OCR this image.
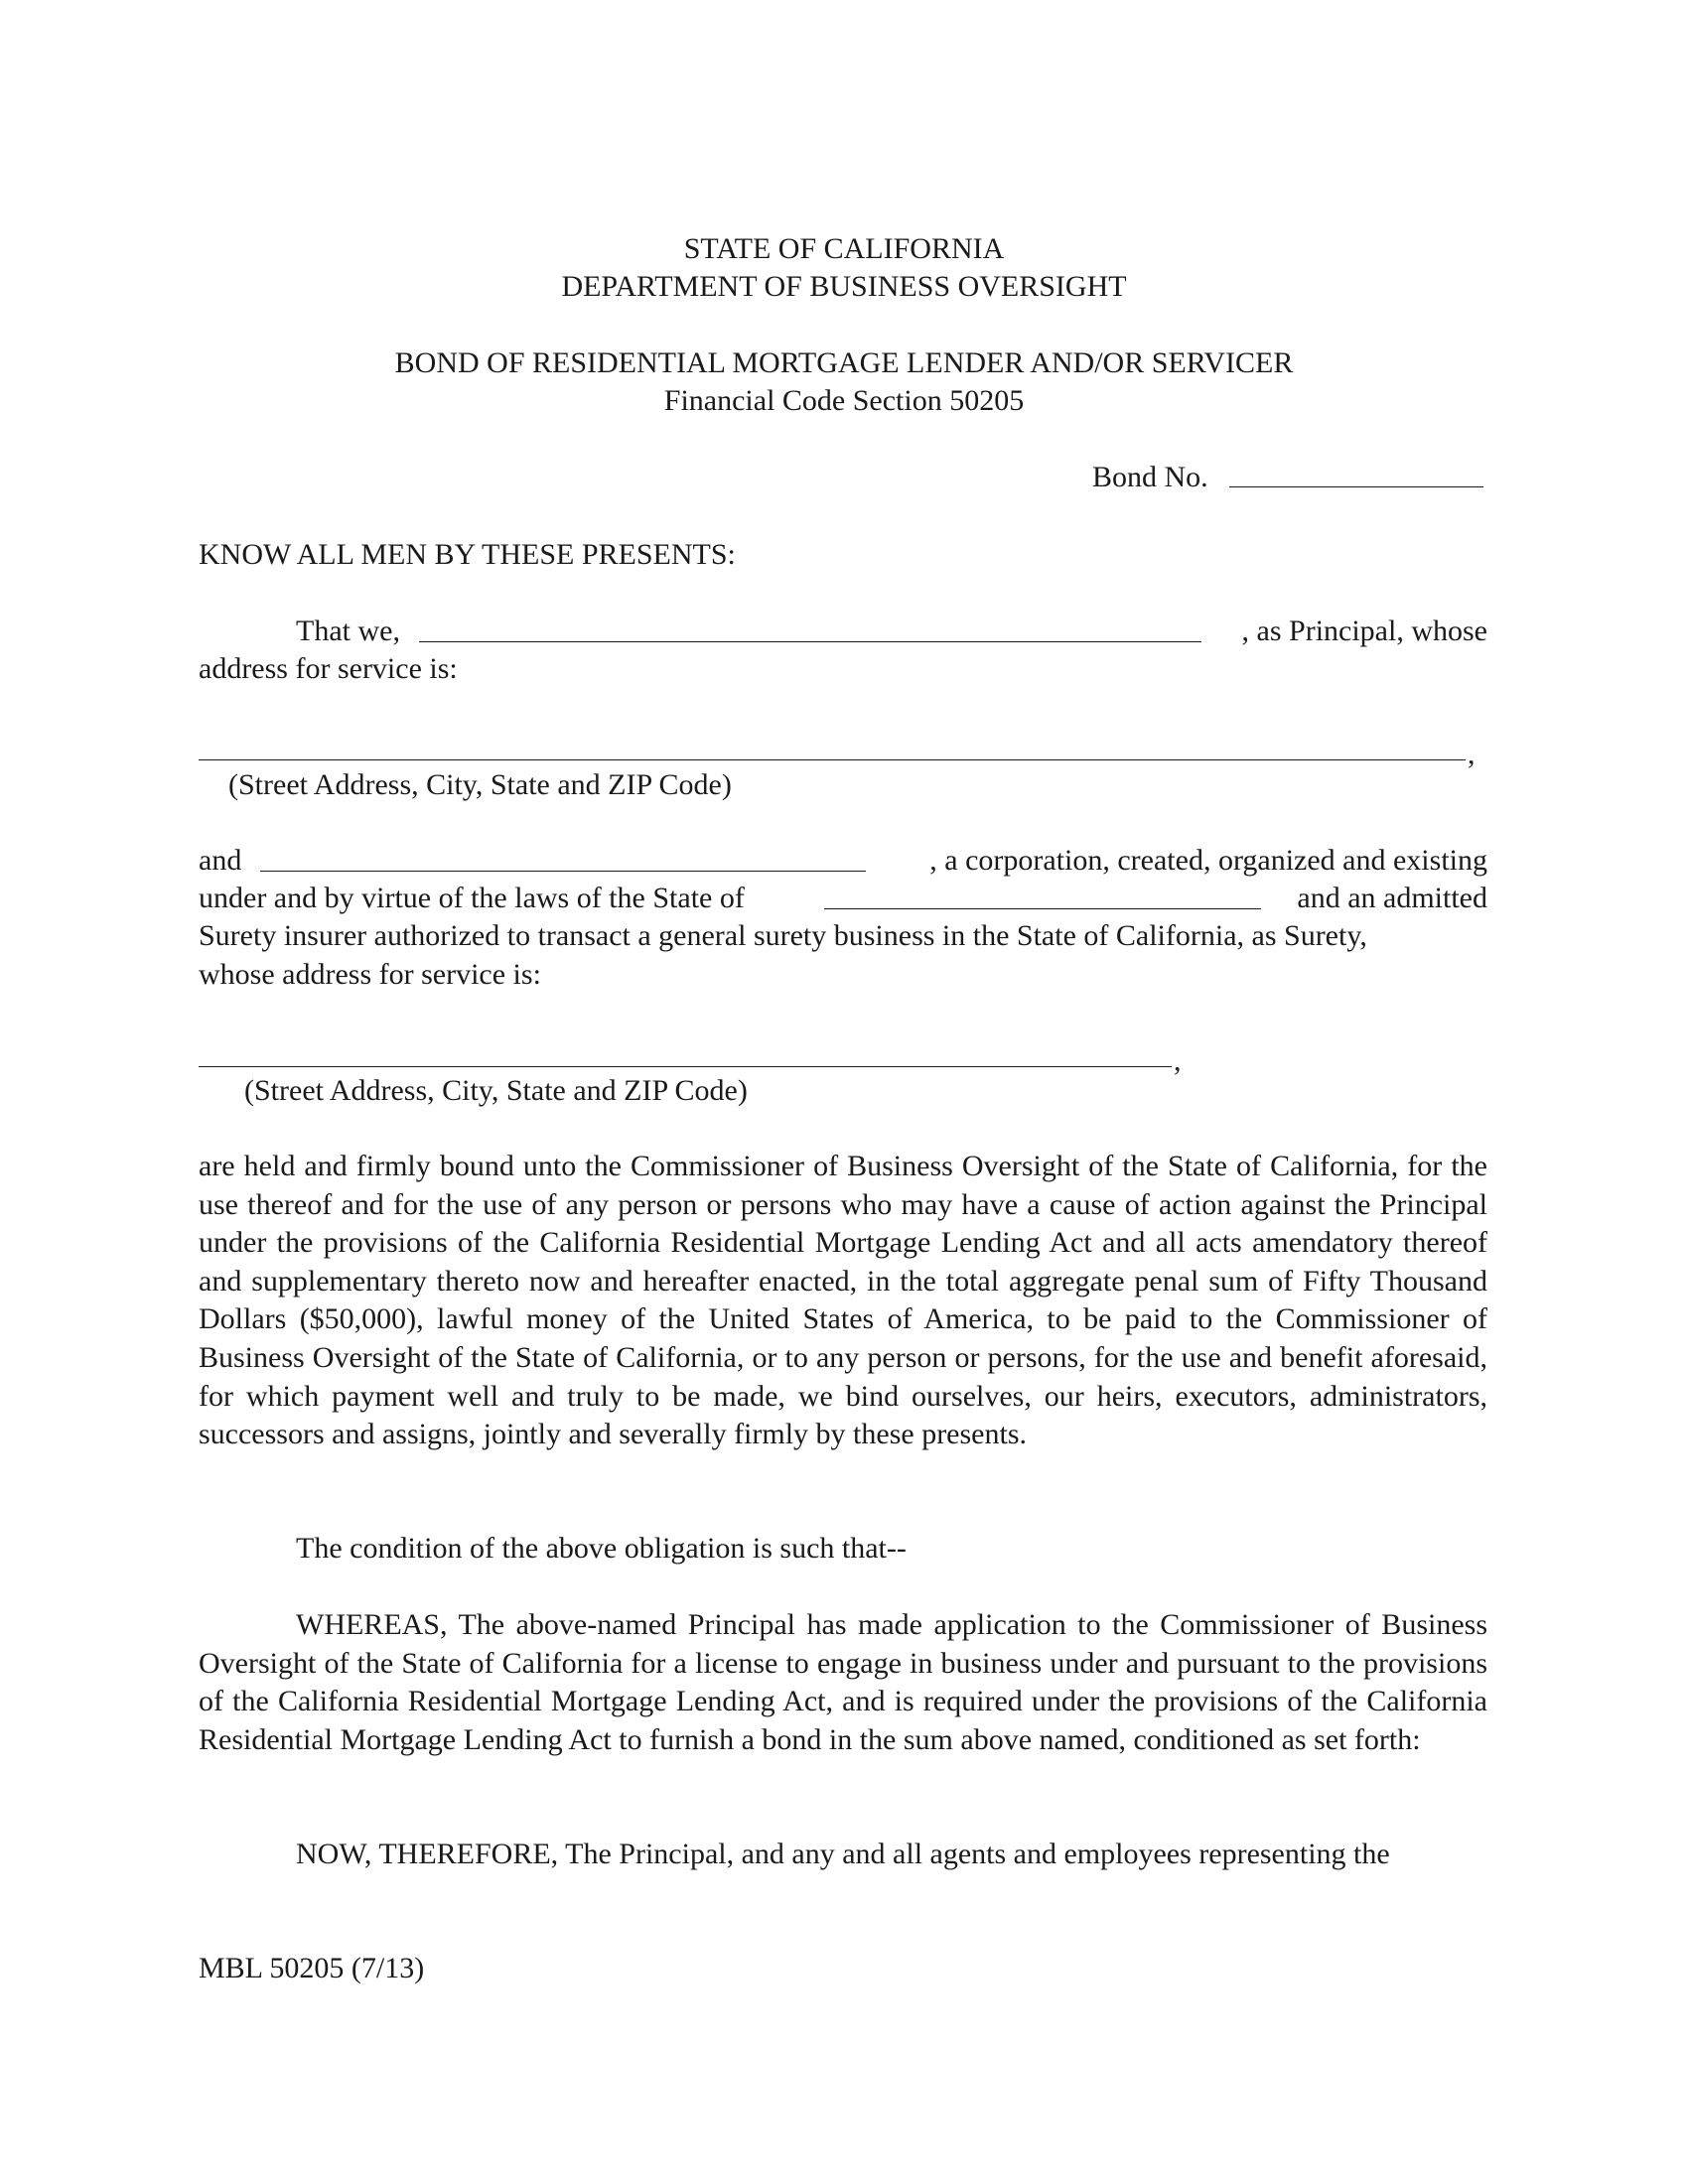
STATE OF CALIFORNIA
DEPARTMENT OF BUSINESS OVERSIGHT
BOND OF RESIDENTIAL MORTGAGE LENDER AND/OR SERVICER
Financial Code Section 50205
Bond No.
KNOW ALL MEN BY THESE PRESENTS:
That we,	, as Principal, whose
address for service is:
,
(Street Address, City, State and ZIP Code)
and	, a corporation, created, organized and existing
under and by virtue of the laws of the State of	and an admitted
Surety insurer authorized to transact a general surety business in the State of California, as Surety,
whose address for service is:
,
(Street Address, City, State and ZIP Code)
are held and firmly bound unto the Commissioner of Business Oversight of the State of California, for the use thereof and for the use of any person or persons who may have a cause of action against the Principal under the provisions of the California Residential Mortgage Lending Act and all acts amendatory thereof and supplementary thereto now and hereafter enacted, in the total aggregate penal sum of Fifty Thousand Dollars ($50,000), lawful money of the United States of America, to be paid to the Commissioner of Business Oversight of the State of California, or to any person or persons, for the use and benefit aforesaid, for which payment well and truly to be made, we bind ourselves, our heirs, executors, administrators, successors and assigns, jointly and severally firmly by these presents.
The condition of the above obligation is such that--
WHEREAS, The above-named Principal has made application to the Commissioner of Business Oversight of the State of California for a license to engage in business under and pursuant to the provisions of the California Residential Mortgage Lending Act, and is required under the provisions of the California Residential Mortgage Lending Act to furnish a bond in the sum above named, conditioned as set forth:
NOW, THEREFORE, The Principal, and any and all agents and employees representing the
MBL 50205 (7/13)
